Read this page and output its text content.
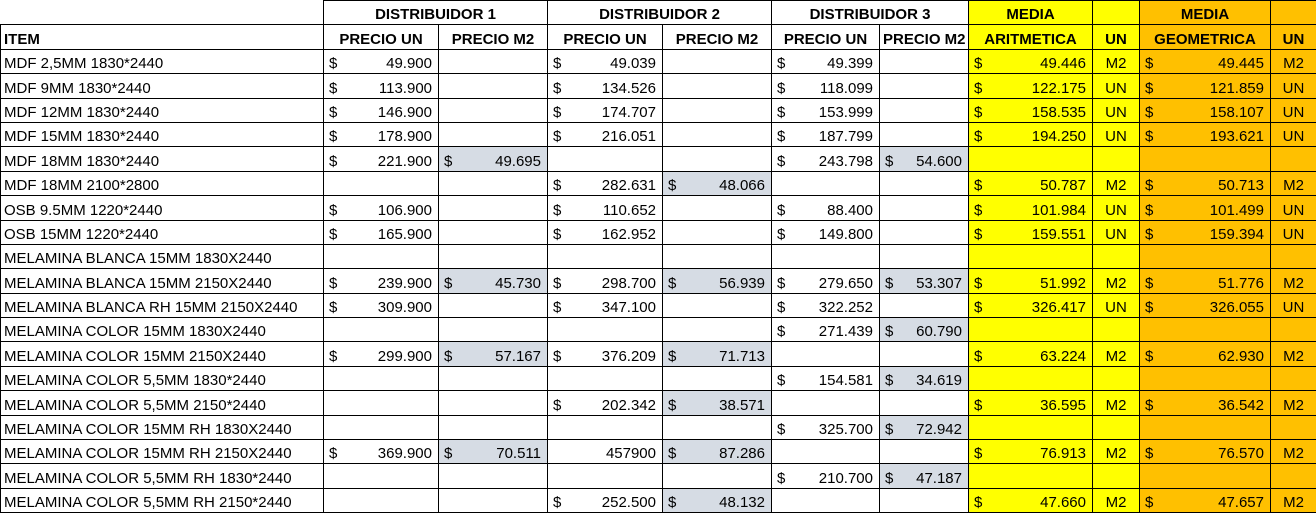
	DISTRIBUIDOR 1		DISTRIBUIDOR 2		DISTRIBUIDOR 3		MEDIA		MEDIA	
ITEM	PRECIO UN	PRECIO M2	PRECIO UN	PRECIO M2	PRECIO UN	PRECIO M2	ARITMETICA	UN	GEOMETRICA	UN
MDF 2,5MM 1830*2440	$ 49.900		$ 49.039		$ 49.399		$ 49.446	M2	$ 49.445	M2
MDF 9MM 1830*2440	$ 113.900		$ 134.526		$ 118.099		$ 122.175	UN	$ 121.859	UN
MDF 12MM 1830*2440	$ 146.900		$ 174.707		$ 153.999		$ 158.535	UN	$ 158.107	UN
MDF 15MM 1830*2440	$ 178.900		$ 216.051		$ 187.799		$ 194.250	UN	$ 193.621	UN
MDF 18MM 1830*2440	$ 221.900	$ 49.695			$ 243.798	$ 54.600				

MDF 18MM 2100*2800			$ 282.631	$ 48.066			$ 50.787	M2	$ 50.713	M2
OSB 9.5MM 1220*2440	$ 106.900		$ 110.652		$ 88.400		$ 101.984	UN	$ 101.499	UN
OSB 15MM 1220*2440	$ 165.900		$ 162.952		$ 149.800		$ 159.551	UN	$ 159.394	UN
MELAMINA BLANCA 15MM 1830X2440										
MELAMINA BLANCA 15MM 2150X2440	$ 239.900	$ 45.730	$ 298.700	$ 56.939	$ 279.650	$ 53.307	$ 51.992	M2	$ 51.776	M2
MELAMINA BLANCA RH 15MM 2150X2440	$ 309.900		$ 347.100		$ 322.252		$ 326.417	UN	$ 326.055	UN
MELAMINA COLOR 15MM 1830X2440					$ 271.439	$ 60.790				

MELAMINA COLOR 15MM 2150X2440	$ 299.900	$ 57.167	$ 376.209	$ 71.713			$ 63.224	M2	$ 62.930	M2
MELAMINA COLOR 5,5MM 1830*2440					$ 154.581	$ 34.619				

MELAMINA COLOR 5,5MM 2150*2440			$ 202.342	$ 38.571			$ 36.595	M2	$ 36.542	M2
MELAMINA COLOR 15MM RH 1830X2440					$ 325.700	$ 72.942				

MELAMINA COLOR 15MM RH 2150X2440	$ 369.900	$ 70.511	457900	$ 87.286			$ 76.913	M2	$ 76.570	M2
MELAMINA COLOR 5,5MM RH 1830*2440					$ 210.700	$ 47.187				

MELAMINA COLOR 5,5MM RH 2150*2440			$ 252.500	$ 48.132			$ 47.660	M2	$ 47.657	M2
